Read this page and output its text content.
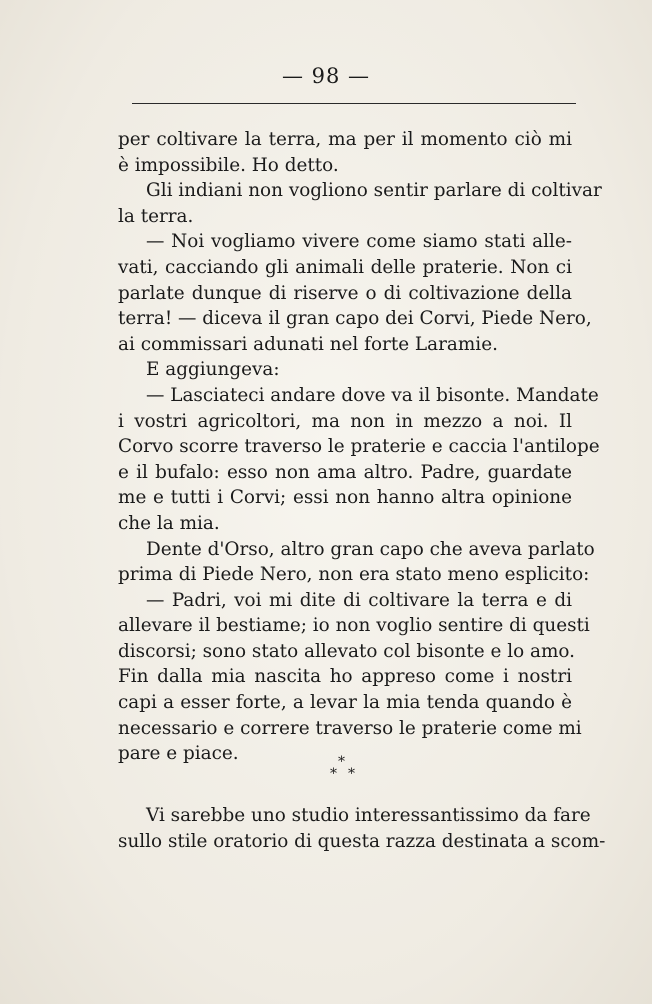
— 98 —
per coltivare la terra, ma per il momento ciò mi
è impossibile. Ho detto.
Gli indiani non vogliono sentir parlare di coltivar
la terra.
— Noi vogliamo vivere come siamo stati alle-
vati, cacciando gli animali delle praterie. Non ci
parlate dunque di riserve o di coltivazione della
terra! — diceva il gran capo dei Corvi, Piede Nero,
ai commissari adunati nel forte Laramie.
E aggiungeva:
— Lasciateci andare dove va il bisonte. Mandate
i vostri agricoltori, ma non in mezzo a noi. Il
Corvo scorre traverso le praterie e caccia l'antilope
e il bufalo: esso non ama altro. Padre, guardate
me e tutti i Corvi; essi non hanno altra opinione
che la mia.
Dente d'Orso, altro gran capo che aveva parlato
prima di Piede Nero, non era stato meno esplicito:
— Padri, voi mi dite di coltivare la terra e di
allevare il bestiame; io non voglio sentire di questi
discorsi; sono stato allevato col bisonte e lo amo.
Fin dalla mia nascita ho appreso come i nostri
capi a esser forte, a levar la mia tenda quando è
necessario e correre traverso le praterie come mi
pare e piace.	*
* *
Vi sarebbe uno studio interessantissimo da fare
sullo stile oratorio di questa razza destinata a scom-
